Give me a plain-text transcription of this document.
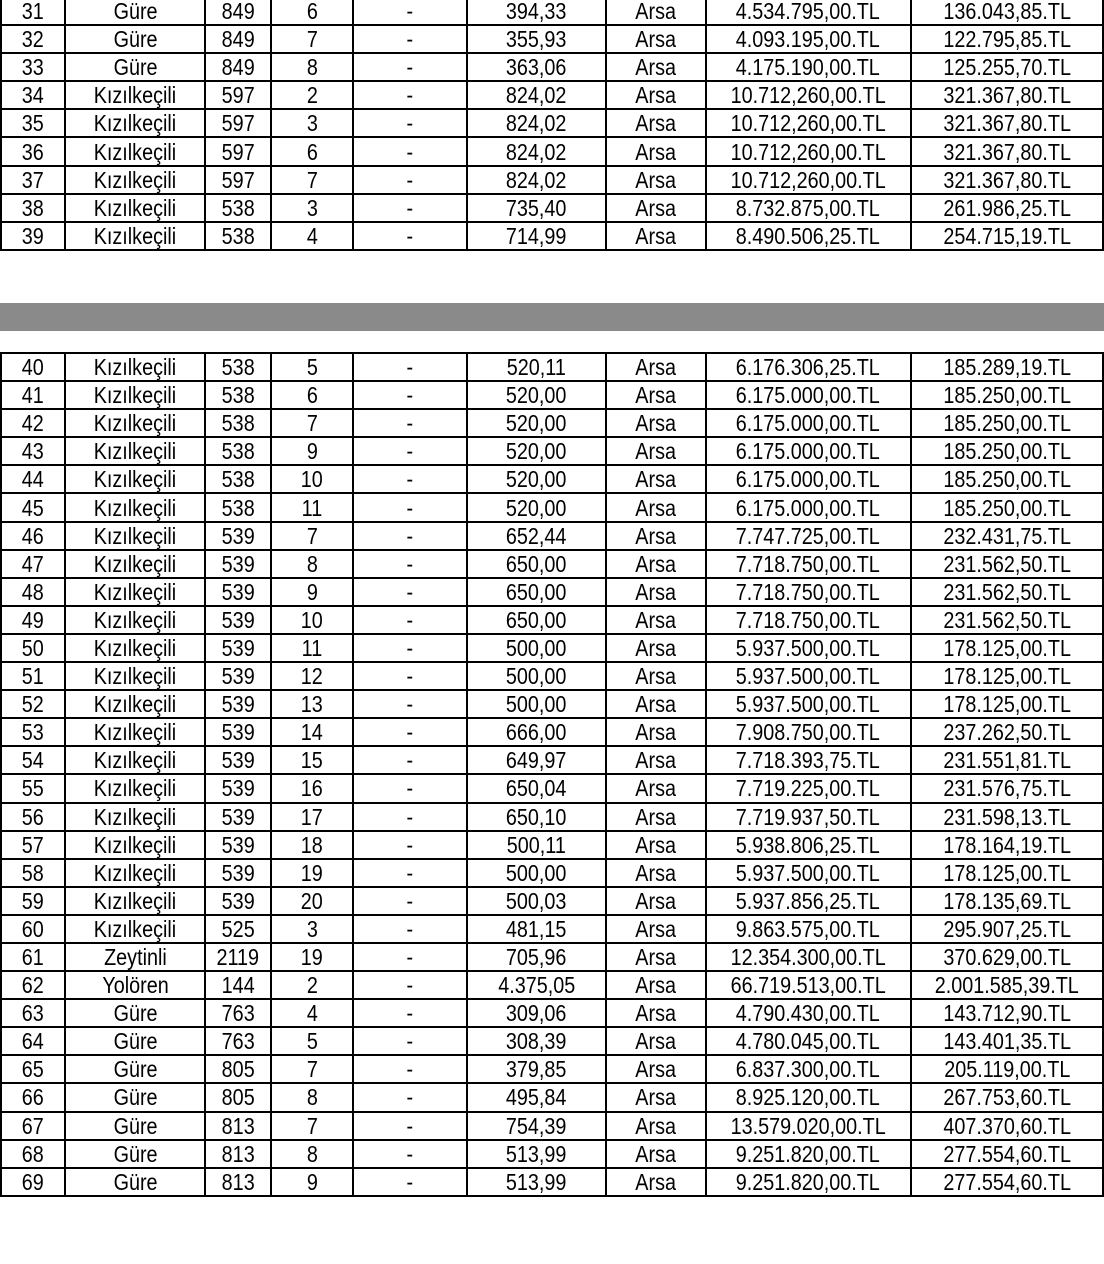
31	Güre	849	6	-	394,33	Arsa	4.534.795,00.TL	136.043,85.TL
32	Güre	849	7	-	355,93	Arsa	4.093.195,00.TL	122.795,85.TL
33	Güre	849	8	-	363,06	Arsa	4.175.190,00.TL	125.255,70.TL
34	Kızılkeçili	597	2	-	824,02	Arsa	10.712,260,00.TL	321.367,80.TL
35	Kızılkeçili	597	3	-	824,02	Arsa	10.712,260,00.TL	321.367,80.TL
36	Kızılkeçili	597	6	-	824,02	Arsa	10.712,260,00.TL	321.367,80.TL
37	Kızılkeçili	597	7	-	824,02	Arsa	10.712,260,00.TL	321.367,80.TL
38	Kızılkeçili	538	3	-	735,40	Arsa	8.732.875,00.TL	261.986,25.TL
39	Kızılkeçili	538	4	-	714,99	Arsa	8.490.506,25.TL	254.715,19.TL
40	Kızılkeçili	538	5	-	520,11	Arsa	6.176.306,25.TL	185.289,19.TL
41	Kızılkeçili	538	6	-	520,00	Arsa	6.175.000,00.TL	185.250,00.TL
42	Kızılkeçili	538	7	-	520,00	Arsa	6.175.000,00.TL	185.250,00.TL
43	Kızılkeçili	538	9	-	520,00	Arsa	6.175.000,00.TL	185.250,00.TL
44	Kızılkeçili	538	10	-	520,00	Arsa	6.175.000,00.TL	185.250,00.TL
45	Kızılkeçili	538	11	-	520,00	Arsa	6.175.000,00.TL	185.250,00.TL
46	Kızılkeçili	539	7	-	652,44	Arsa	7.747.725,00.TL	232.431,75.TL
47	Kızılkeçili	539	8	-	650,00	Arsa	7.718.750,00.TL	231.562,50.TL
48	Kızılkeçili	539	9	-	650,00	Arsa	7.718.750,00.TL	231.562,50.TL
49	Kızılkeçili	539	10	-	650,00	Arsa	7.718.750,00.TL	231.562,50.TL
50	Kızılkeçili	539	11	-	500,00	Arsa	5.937.500,00.TL	178.125,00.TL
51	Kızılkeçili	539	12	-	500,00	Arsa	5.937.500,00.TL	178.125,00.TL
52	Kızılkeçili	539	13	-	500,00	Arsa	5.937.500,00.TL	178.125,00.TL
53	Kızılkeçili	539	14	-	666,00	Arsa	7.908.750,00.TL	237.262,50.TL
54	Kızılkeçili	539	15	-	649,97	Arsa	7.718.393,75.TL	231.551,81.TL
55	Kızılkeçili	539	16	-	650,04	Arsa	7.719.225,00.TL	231.576,75.TL
56	Kızılkeçili	539	17	-	650,10	Arsa	7.719.937,50.TL	231.598,13.TL
57	Kızılkeçili	539	18	-	500,11	Arsa	5.938.806,25.TL	178.164,19.TL
58	Kızılkeçili	539	19	-	500,00	Arsa	5.937.500,00.TL	178.125,00.TL
59	Kızılkeçili	539	20	-	500,03	Arsa	5.937.856,25.TL	178.135,69.TL
60	Kızılkeçili	525	3	-	481,15	Arsa	9.863.575,00.TL	295.907,25.TL
61	Zeytinli	2119	19	-	705,96	Arsa	12.354.300,00.TL	370.629,00.TL
62	Yolören	144	2	-	4.375,05	Arsa	66.719.513,00.TL	2.001.585,39.TL
63	Güre	763	4	-	309,06	Arsa	4.790.430,00.TL	143.712,90.TL
64	Güre	763	5	-	308,39	Arsa	4.780.045,00.TL	143.401,35.TL
65	Güre	805	7	-	379,85	Arsa	6.837.300,00.TL	205.119,00.TL
66	Güre	805	8	-	495,84	Arsa	8.925.120,00.TL	267.753,60.TL
67	Güre	813	7	-	754,39	Arsa	13.579.020,00.TL	407.370,60.TL
68	Güre	813	8	-	513,99	Arsa	9.251.820,00.TL	277.554,60.TL
69	Güre	813	9	-	513,99	Arsa	9.251.820,00.TL	277.554,60.TL
